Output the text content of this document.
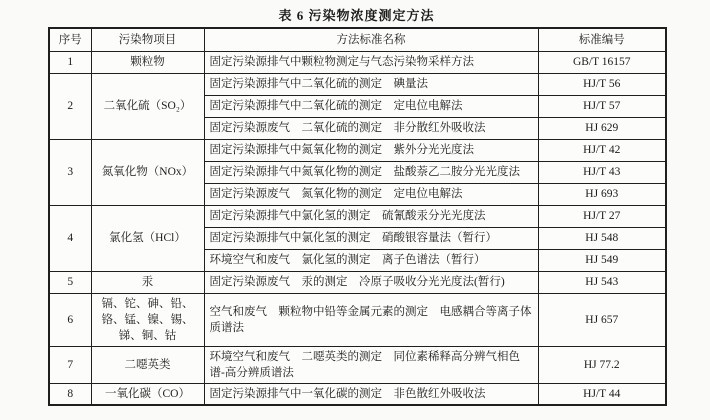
表 6 污染物浓度测定方法
序号	污染物项目	方法标准名称	标准编号
1	颗粒物	固定污染源排气中颗粒物测定与气态污染物采样方法	GB/T 16157
2	二氧化硫（SO₂）	固定污染源排气中二氧化硫的测定　碘量法	HJ/T 56
		固定污染源排气中二氧化硫的测定　定电位电解法	HJ/T 57
		固定污染源废气　二氧化硫的测定　非分散红外吸收法	HJ 629
3	氮氧化物（NOx）	固定污染源排气中氮氧化物的测定　紫外分光光度法	HJ/T 42
		固定污染源排气中氮氧化物的测定　盐酸萘乙二胺分光光度法	HJ/T 43
		固定污染源废气　氮氧化物的测定　定电位电解法	HJ 693
4	氯化氢（HCl）	固定污染源排气中氯化氢的测定　硫氰酸汞分光光度法	HJ/T 27
		固定污染源排气中氯化氢的测定　硝酸银容量法（暂行）	HJ 548
		环境空气和废气　氯化氢的测定　离子色谱法（暂行）	HJ 549
5	汞	固定污染源废气　汞的测定　冷原子吸收分光光度法(暂行)	HJ 543
6	镉、铊、砷、铅、铬、锰、镍、锡、锑、铜、钴	空气和废气　颗粒物中铅等金属元素的测定　电感耦合等离子体质谱法	HJ 657
7	二噁英类	环境空气和废气　二噁英类的测定　同位素稀释高分辨气相色谱-高分辨质谱法	HJ 77.2
8	一氧化碳（CO）	固定污染源排气中一氧化碳的测定　非色散红外吸收法	HJ/T 44
